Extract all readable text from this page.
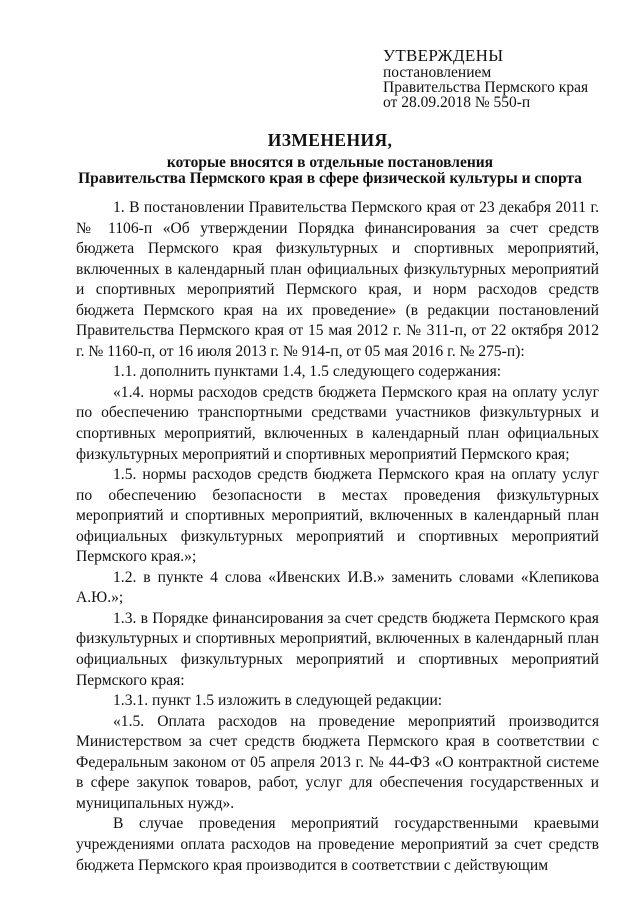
УТВЕРЖДЕНЫ
постановлением
Правительства Пермского края
от 28.09.2018 № 550-п
ИЗМЕНЕНИЯ,
которые вносятся в отдельные постановления
Правительства Пермского края в сфере физической культуры и спорта

1. В постановлении Правительства Пермского края от 23 декабря 2011 г. № 1106-п «Об утверждении Порядка финансирования за счет средств бюджета Пермского края физкультурных и спортивных мероприятий, включенных в календарный план официальных физкультурных мероприятий и спортивных мероприятий Пермского края, и норм расходов средств бюджета Пермского края на их проведение» (в редакции постановлений Правительства Пермского края от 15 мая 2012 г. № 311-п, от 22 октября 2012 г. № 1160-п, от 16 июля 2013 г. № 914-п, от 05 мая 2016 г. № 275-п):

1.1. дополнить пунктами 1.4, 1.5 следующего содержания:

«1.4. нормы расходов средств бюджета Пермского края на оплату услуг по обеспечению транспортными средствами участников физкультурных и спортивных мероприятий, включенных в календарный план официальных физкультурных мероприятий и спортивных мероприятий Пермского края;

1.5. нормы расходов средств бюджета Пермского края на оплату услуг по обеспечению безопасности в местах проведения физкультурных мероприятий и спортивных мероприятий, включенных в календарный план официальных физкультурных мероприятий и спортивных мероприятий Пермского края.»;

1.2. в пункте 4 слова «Ивенских И.В.» заменить словами «Клепикова А.Ю.»;

1.3. в Порядке финансирования за счет средств бюджета Пермского края физкультурных и спортивных мероприятий, включенных в календарный план официальных физкультурных мероприятий и спортивных мероприятий Пермского края:

1.3.1. пункт 1.5 изложить в следующей редакции:

«1.5. Оплата расходов на проведение мероприятий производится Министерством за счет средств бюджета Пермского края в соответствии с Федеральным законом от 05 апреля 2013 г. № 44-ФЗ «О контрактной системе в сфере закупок товаров, работ, услуг для обеспечения государственных и муниципальных нужд».

В случае проведения мероприятий государственными краевыми учреждениями оплата расходов на проведение мероприятий за счет средств бюджета Пермского края производится в соответствии с действующим
